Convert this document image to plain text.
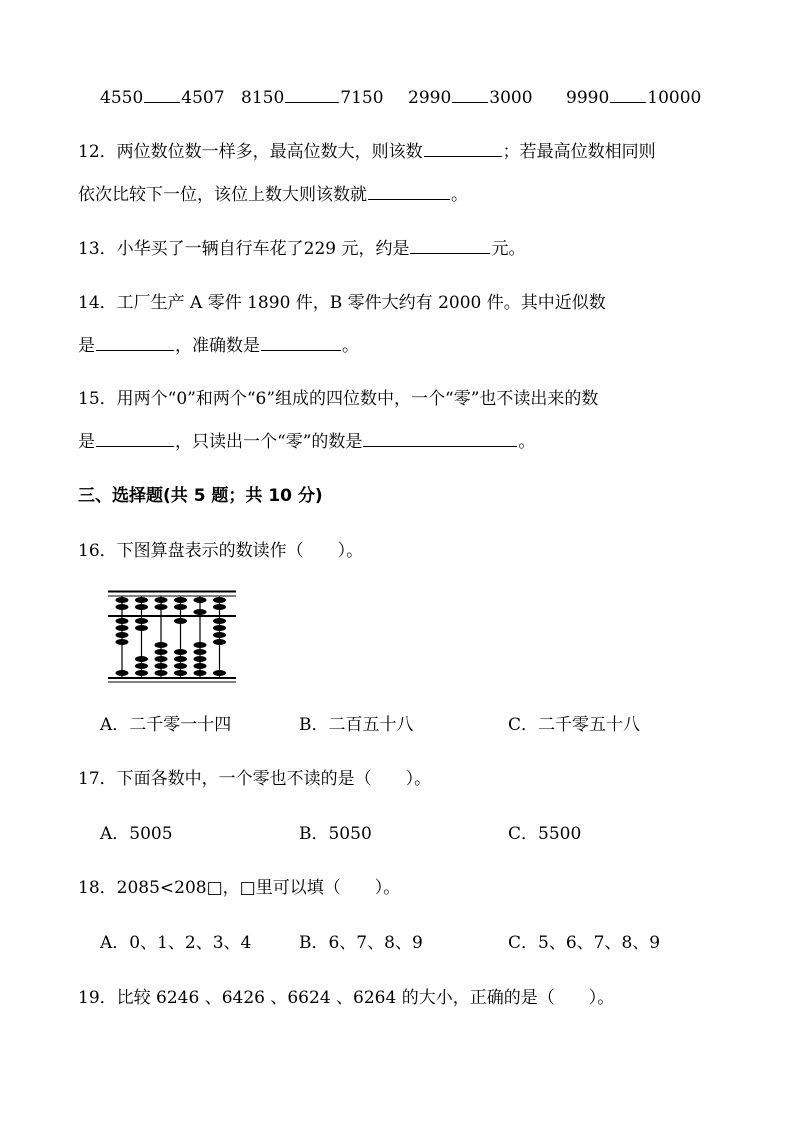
4550 4507 8150	7150 2990 3000 9990 10000
12．两位数位数一样多，最高位数大，则该数	；若最高位数相同则
依次比较下一位，该位上数大则该数就	。
13．小华买了一辆自行车花了229 元，约是	元。
14．工厂生产 A 零件 1890 件，B 零件大约有 2000 件。其中近似数
是	，准确数是	。
15．用两个“0”和两个“6”组成的四位数中，一个“零”也不读出来的数
是	，只读出一个“零”的数是	。
三、选择题(共 5 题；共 10 分)
16．下图算盘表示的数读作（　　）。
A．二千零一十四	B．二百五十八	C．二千零五十八
17．下面各数中，一个零也不读的是（　　）。
A．5005	B．5050	C．5500
18．2085<208□，□里可以填（　　）。
A．0、1、2、3、4	B．6、7、8、9	C．5、6、7、8、9
19．比较 6246 、6426 、6624 、6264 的大小，正确的是（　　）。
